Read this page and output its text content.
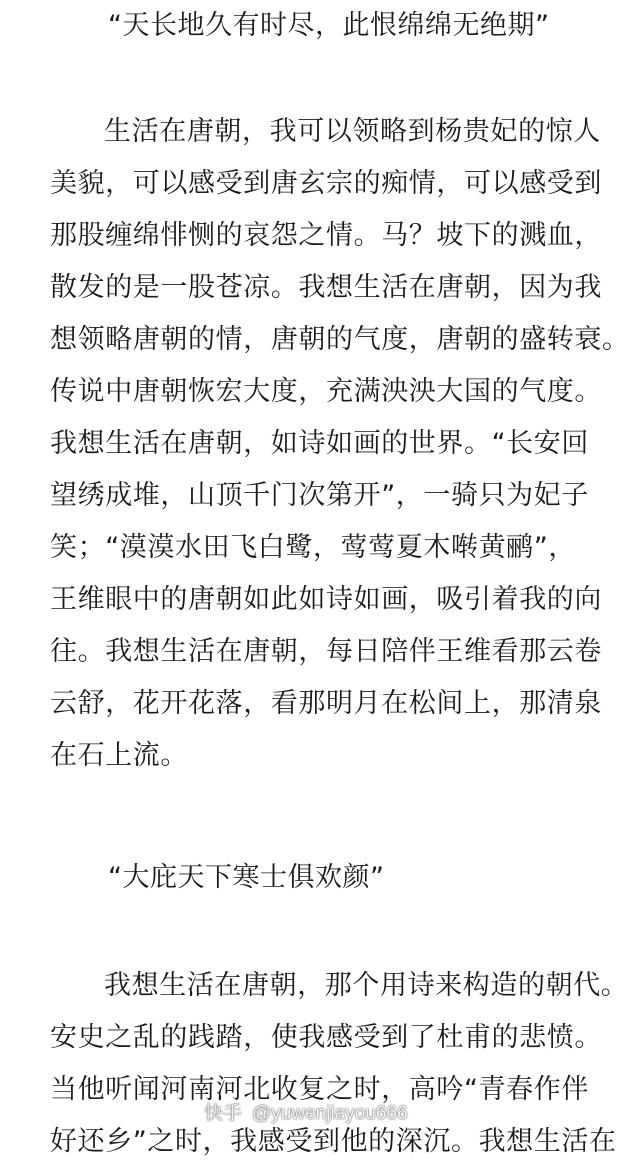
“天长地久有时尽，此恨绵绵无绝期”
生活在唐朝，我可以领略到杨贵妃的惊人
美貌，可以感受到唐玄宗的痴情，可以感受到
那股缠绵悱恻的哀怨之情。马？坡下的溅血，
散发的是一股苍凉。我想生活在唐朝，因为我
想领略唐朝的情，唐朝的气度，唐朝的盛转衰。
传说中唐朝恢宏大度，充满泱泱大国的气度。
我想生活在唐朝，如诗如画的世界。“长安回
望绣成堆，山顶千门次第开”，一骑只为妃子
笑；“漠漠水田飞白鹭，莺莺夏木啭黄鹂”，
王维眼中的唐朝如此如诗如画，吸引着我的向
往。我想生活在唐朝，每日陪伴王维看那云卷
云舒，花开花落，看那明月在松间上，那清泉
在石上流。
“大庇天下寒士俱欢颜”
我想生活在唐朝，那个用诗来构造的朝代。
安史之乱的践踏，使我感受到了杜甫的悲愤。
当他听闻河南河北收复之时，高吟“青春作伴
好还乡”之时，我感受到他的深沉。我想生活在
快手 @yuwenjiayou666
